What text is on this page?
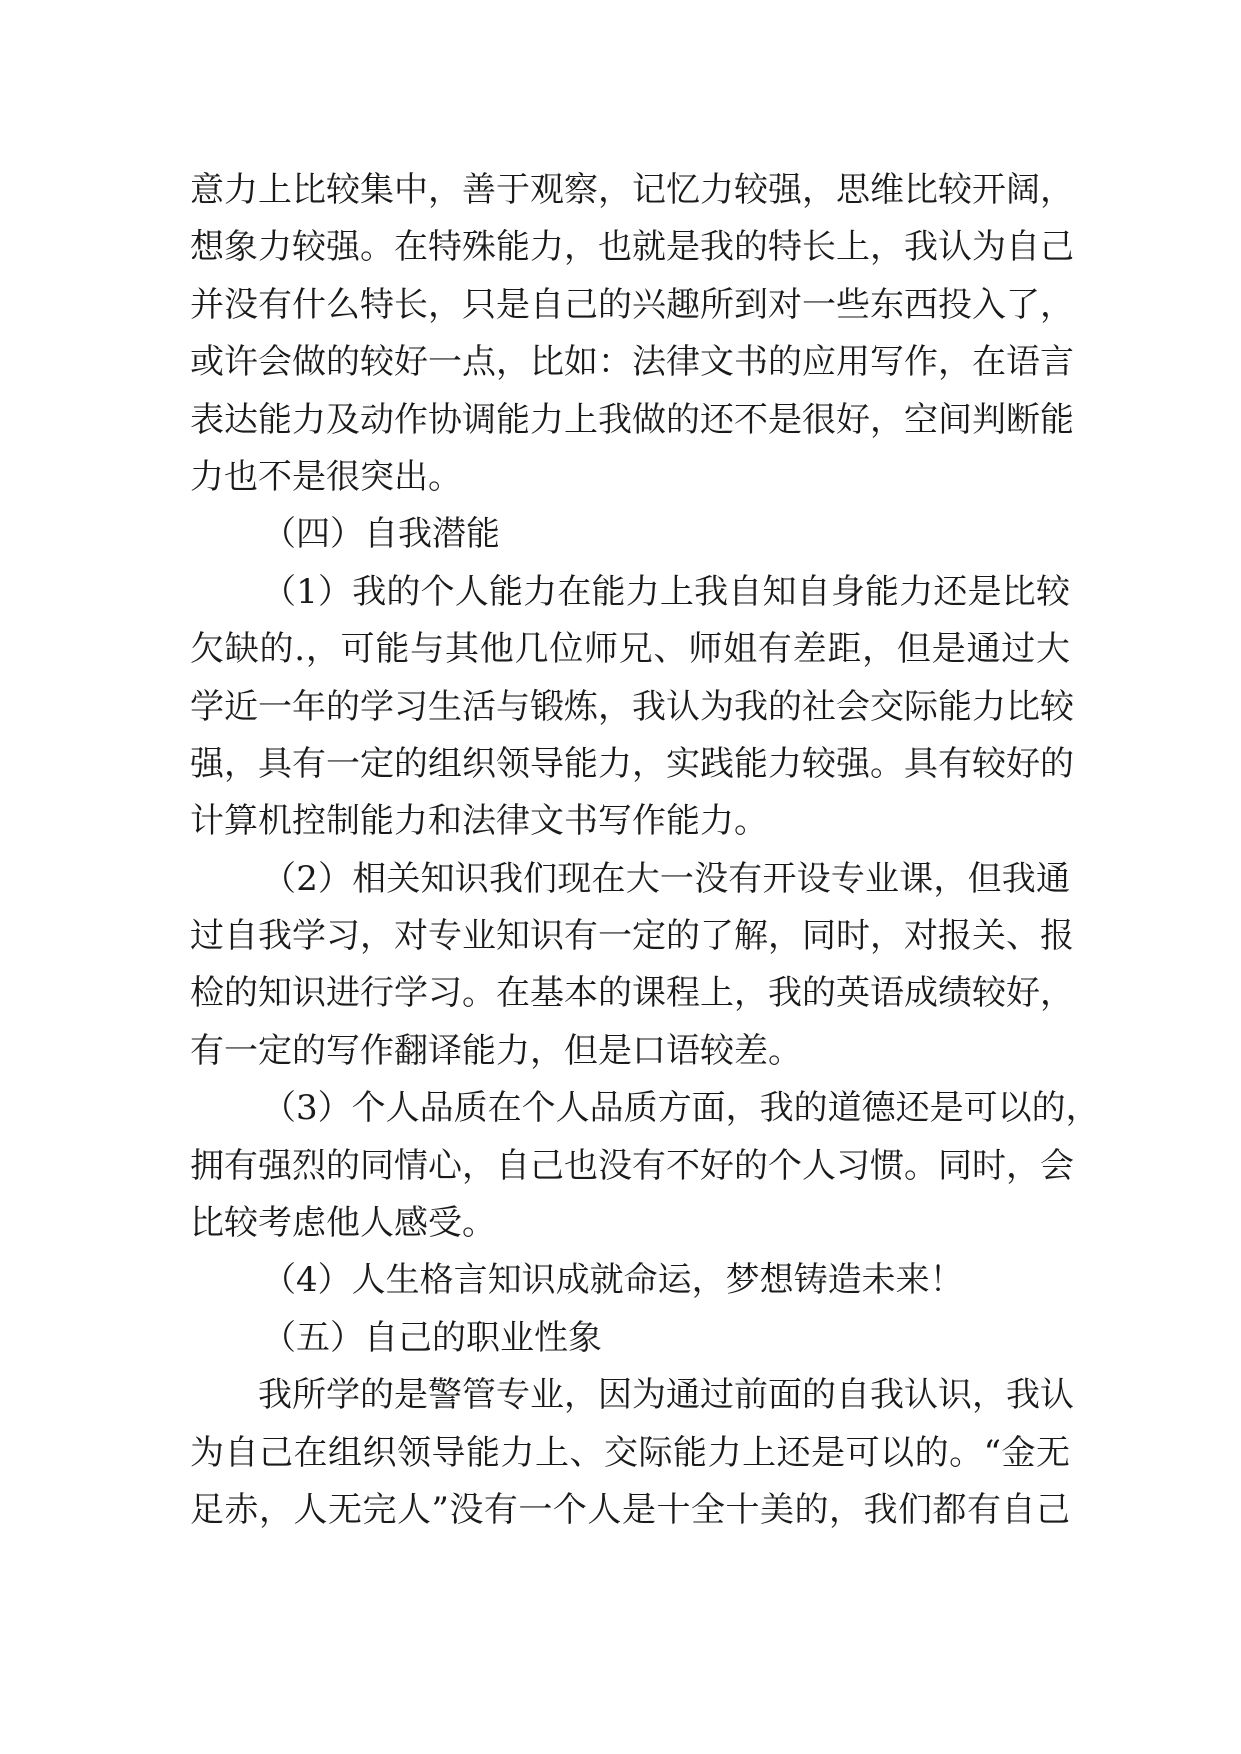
意力上比较集中，善于观察，记忆力较强，思维比较开阔，
想象力较强。在特殊能力，也就是我的特长上，我认为自己
并没有什么特长，只是自己的兴趣所到对一些东西投入了，
或许会做的较好一点，比如：法律文书的应用写作，在语言
表达能力及动作协调能力上我做的还不是很好，空间判断能
力也不是很突出。
（四）自我潜能
（1）我的个人能力在能力上我自知自身能力还是比较
欠缺的.，可能与其他几位师兄、师姐有差距，但是通过大
学近一年的学习生活与锻炼，我认为我的社会交际能力比较
强，具有一定的组织领导能力，实践能力较强。具有较好的
计算机控制能力和法律文书写作能力。
（2）相关知识我们现在大一没有开设专业课，但我通
过自我学习，对专业知识有一定的了解，同时，对报关、报
检的知识进行学习。在基本的课程上，我的英语成绩较好，
有一定的写作翻译能力，但是口语较差。
（3）个人品质在个人品质方面，我的道德还是可以的，
拥有强烈的同情心，自己也没有不好的个人习惯。同时，会
比较考虑他人感受。
（4）人生格言知识成就命运，梦想铸造未来！
（五）自己的职业性象
我所学的是警管专业，因为通过前面的自我认识，我认
为自己在组织领导能力上、交际能力上还是可以的。“金无
足赤，人无完人”没有一个人是十全十美的，我们都有自己
